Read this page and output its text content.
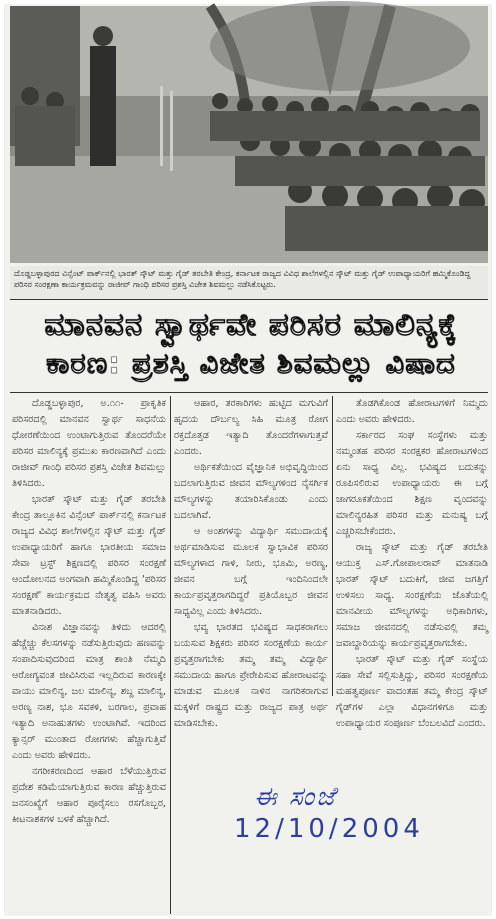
ದೊಡ್ಡಬಳ್ಳಾಪುರದ ವಿನ್ಸೆಂಟ್ ಪಾರ್ಕ್‌ನಲ್ಲಿ ಭಾರತ್ ಸ್ಕೌಟ್ ಮತ್ತು ಗೈಡ್ ತರಬೇತಿ ಕೇಂದ್ರ, ಕರ್ನಾಟಕ ರಾಜ್ಯದ ವಿವಿಧ ಶಾಲೆಗಳಲ್ಲಿನ ಸ್ಕೌಟ್ ಮತ್ತು ಗೈಡ್ ಉಪಾಧ್ಯಾಯರಿಗೆ ಹಮ್ಮಿಕೊಂಡಿದ್ದ ಪರಿಸರ ಸಂರಕ್ಷಣಾ ಕಾರ್ಯಕ್ರಮವನ್ನು ರಾಜೀವ್ ಗಾಂಧಿ ಪರಿಸರ ಪ್ರಶಸ್ತಿ ವಿಜೇತ ಶಿವಮಲ್ಲು ನಡೆಸಿಕೊಟ್ಟರು.
ಮಾನವನ ಸ್ವಾರ್ಥವೇ ಪರಿಸರ ಮಾಲಿನ್ಯಕ್ಕೆ
ಕಾರಣ: ಪ್ರಶಸ್ತಿ ವಿಜೇತ ಶಿವಮಲ್ಲು ವಿಷಾದ

ದೊಡ್ಡಬಳ್ಳಾಪುರ, ಅ.೧೧- ಪ್ರಾಕೃತಿಕ ಪರಿಸರದಲ್ಲಿ ಮಾನವನ ಸ್ವಾರ್ಥ ಸಾಧನೆಯ ಧೋರಣೆಯಿಂದ ಉಂಟಾಗುತ್ತಿರುವ ತೊಂದರೆಯೇ ಪರಿಸರ ಮಾಲಿನ್ಯಕ್ಕೆ ಪ್ರಮುಖ ಕಾರಣವಾಗಿದೆ ಎಂದು ರಾಜೀವ್ ಗಾಂಧಿ ಪರಿಸರ ಪ್ರಶಸ್ತಿ ವಿಜೇತ ಶಿವಮಲ್ಲು ತಿಳಿಸಿದರು.

ಭಾರತ್ ಸ್ಕೌಟ್ ಮತ್ತು ಗೈಡ್ ತರಬೇತಿ ಕೇಂದ್ರ ತಾಲ್ಲೂಕಿನ ವಿನ್ಸೆಂಟ್ ಪಾರ್ಕ್‌ನಲ್ಲಿ ಕರ್ನಾಟಕ ರಾಜ್ಯದ ವಿವಿಧ ಶಾಲೆಗಳಲ್ಲಿನ ಸ್ಕೌಟ್ ಮತ್ತು ಗೈಡ್ ಉಪಾಧ್ಯಾಯರಿಗೆ ಹಾಗೂ ಭಾರತೀಯ ಸಮಾಜ ಸೇವಾ ಟ್ರಸ್ಟ್ ಶಿಕ್ಷಣದಲ್ಲಿ ಪರಿಸರ ಸಂರಕ್ಷಣೆ ಆಂದೋಲನದ ಅಂಗವಾಗಿ ಹಮ್ಮಿಕೊಂಡಿದ್ದ 'ಪರಿಸರ ಸಂರಕ್ಷಣೆ' ಕಾರ್ಯಕ್ರಮದ ನೇತೃತ್ವ ವಹಿಸಿ ಅವರು ಮಾತನಾಡಿದರು.

ವಿನಾಶ ವಿಜ್ಞಾನವನ್ನು ತಿಳಿದು ಆದರಲ್ಲಿ ಹೆಚ್ಚೆಚ್ಚು ಕೆಲಸಗಳನ್ನು ನಡೆಸುತ್ತಿರುವುದು ಹಣವನ್ನು ಸಂಪಾದಿಸುವುದರಿಂದ ಮಾತ್ರ ಶಾಂತಿ ನೆಮ್ಮದಿ ಆರೋಗ್ಯವಂತ ಜೀವಿಸಿರುವ ಇಲ್ಲದಿರುವ ಕಾರಣಕ್ಕೇ ವಾಯು ಮಾಲಿನ್ಯ, ಜಲ ಮಾಲಿನ್ಯ, ಶಬ್ದ ಮಾಲಿನ್ಯ, ಅರಣ್ಯ ನಾಶ, ಭೂ ಸವಕಳಿ, ಬರಗಾಲ, ಪ್ರವಾಹ ಇತ್ಯಾದಿ ಅನಾಹುತಗಳು ಉಂಟಾಗಿವೆ. ಇದರಿಂದ ಕ್ಯಾನ್ಸರ್ ಮುಂತಾದ ರೋಗಗಳು ಹೆಚ್ಚಾಗುತ್ತಿವೆ ಎಂದು ಅವರು ಹೇಳಿದರು.

ನಗರೀಕರಣದಿಂದ ಆಹಾರ ಬೆಳೆಯುತ್ತಿರುವ ಪ್ರದೇಶ ಕಡಿಮೆಯಾಗುತ್ತಿರುವ ಕಾರಣ ಹೆಚ್ಚುತ್ತಿರುವ ಜನಸಂಖ್ಯೆಗೆ ಆಹಾರ ಪೂರೈಸಲು ರಸಗೊಬ್ಬರ, ಕೀಟನಾಶಕಗಳ ಬಳಕೆ ಹೆಚ್ಚಾಗಿದೆ.

ಆಹಾರ, ತರಕಾರಿಗಳು ಹುಟ್ಟಿದ ಮಗುವಿಗೆ ಹೃದಯ ದೌರ್ಬಲ್ಯ ಸಿಹಿ ಮೂತ್ರ ರೋಗ ರಕ್ತದೊತ್ತಡ ಇತ್ಯಾದಿ ತೊಂದರೆಗಳಾಗುತ್ತವೆ ಎಂದರು.

ಅರ್ಥಿಕತೆಯಿಂದ ವೈಜ್ಞಾನಿಕ ಅಭಿವೃದ್ಧಿಯಿಂದ ಬದಲಾಗುತ್ತಿರುವ ಜೀವನ ಮೌಲ್ಯಗಳಿಂದ ನೈಸರ್ಗಿಕ ಮೌಲ್ಯಗಳನ್ನು ತಯಾರಿಸಿಕೊಂಡು ಎಂದು ಬದಲಾಗಿವೆ.

ಆ ಅಂಶಗಳನ್ನು ವಿದ್ಯಾರ್ಥಿ ಸಮುದಾಯಕ್ಕೆ ಅರ್ಥಮಾಡಿಸುವ ಮೂಲಕ ಸ್ವಾಭಾವಿಕ ಪರಿಸರ ಮೌಲ್ಯಗಳಾದ ಗಾಳಿ, ನೀರು, ಭೂಮಿ, ಅರಣ್ಯ, ಜೀವನ ಬಗ್ಗೆ ಇಂದಿನಿಂದಲೇ ಕಾರ್ಯಪ್ರವೃತ್ತರಾಗದಿದ್ದರೆ ಪ್ರತಿಯೊಬ್ಬರ ಜೀವನ ಸಾಧ್ಯವಿಲ್ಲ ಎಂದು ತಿಳಿಸಿದರು.

ಭವ್ಯ ಭಾರತದ ಭವಿಷ್ಯದ ಸಾಧಕರಾಗಲು ಬಯಸುವ ಶಿಕ್ಷಕರು ಪರಿಸರ ಸಂರಕ್ಷಣೆಯ ಕಾರ್ಯ ಪ್ರವೃತ್ತರಾಗಬೇಕು ತಮ್ಮ ತಮ್ಮ ವಿದ್ಯಾರ್ಥಿ ಸಮುದಾಯ ಹಾಗೂ ಪ್ರೇರೇಪಿಸುವ ಹೋರಾಟವನ್ನು ಮಾಡುವ ಮೂಲಕ ನಾಳಿನ ನಾಗರಿಕರಾಗುವ ಮಕ್ಕಳಿಗೆ ರಾಷ್ಟ್ರದ ಮತ್ತು ರಾಜ್ಯದ ಪಾತ್ರ ಅರ್ಥ ಮಾಡಿಸಬೇಕು.

ತೊಡಗಿಕೊಂಡ ಹೋರಾಟಗಳಿಗೆ ನಿಮ್ಮದು ಎಂದು ಅವರು ಹೇಳಿದರು.

ಸರ್ಕಾರದ ಸಂಘ ಸಂಸ್ಥೆಗಳು ಮತ್ತು ನಮ್ಮಂತಹ ಪರಿಸರ ಸಂರಕ್ಷಕರ ಹೋರಾಟಗಳಿಂದ ಏನು ಸಾಧ್ಯ ವಿಲ್ಲ. ಭವಿಷ್ಯದ ಬದುಕನ್ನು ರೂಪಿಸಲಿರುವ ಉಪಾಧ್ಯಾಯರು ಈ ಬಗ್ಗೆ ಜಾಗರೂಕತೆಯಿಂದ ಶಿಕ್ಷಣ ವೃಂದವನ್ನು ಮಾಲಿನ್ಯರಹಿತ ಪರಿಸರ ಮತ್ತು ಮನುಷ್ಯ ಬಗ್ಗೆ ಎಚ್ಚರಿಸಬೇಕೆಂದರು.

ರಾಜ್ಯ ಸ್ಕೌಟ್ ಮತ್ತು ಗೈಡ್ ತರಬೇತಿ ಆಯುಕ್ತ ಎಸ್.ಗೋಪಾಲರಾವ್ ಮಾತನಾಡಿ ಭಾರತ್ ಸ್ಕೌಟ್ ಬದುಕಿಗೆ, ಜೀವ ಜಗತ್ತಿಗೆ ಉಳಿಸಲು ಸಾಧ್ಯ. ಸಂರಕ್ಷಣೆಯ ಜೊತೆಯಲ್ಲಿ ಮಾನವೀಯ ಮೌಲ್ಯಗಳನ್ನು ಅಧಿಕಾರಿಗಳು, ಸಮಾಜ ಜೀವನದಲ್ಲಿ ನಡೆಸುವಲ್ಲಿ ತಮ್ಮ ಜವಾಬ್ದಾರಿಯನ್ನು ಕಾರ್ಯಪ್ರವೃತ್ತರಾಗಬೇಕು.

ಭಾರತ್ ಸ್ಕೌಟ್ ಮತ್ತು ಗೈಡ್ ಸಂಸ್ಥೆಯ ಸಹಾ ಸೇವೆ ಸಲ್ಲಿಸುತ್ತಿದ್ದು, ಪರಿಸರ ಸಂರಕ್ಷಣೆಯ ಮಹತ್ವಪೂರ್ಣ ವಾದಂತಹ ತಮ್ಮ ಕೇಂದ್ರ ಸ್ಕೌಟ್ ಗೈಡ್‌ಗಳ ಎಲ್ಲಾ ವಿಧಾನಗಳಿಗೂ ಮತ್ತು ಉಪಾಧ್ಯಾಯರ ಸಂಪೂರ್ಣ ಬೆಂಬಲವಿದೆ ಎಂದರು.

ಈ ಸಂಜೆ
12/10/2004
